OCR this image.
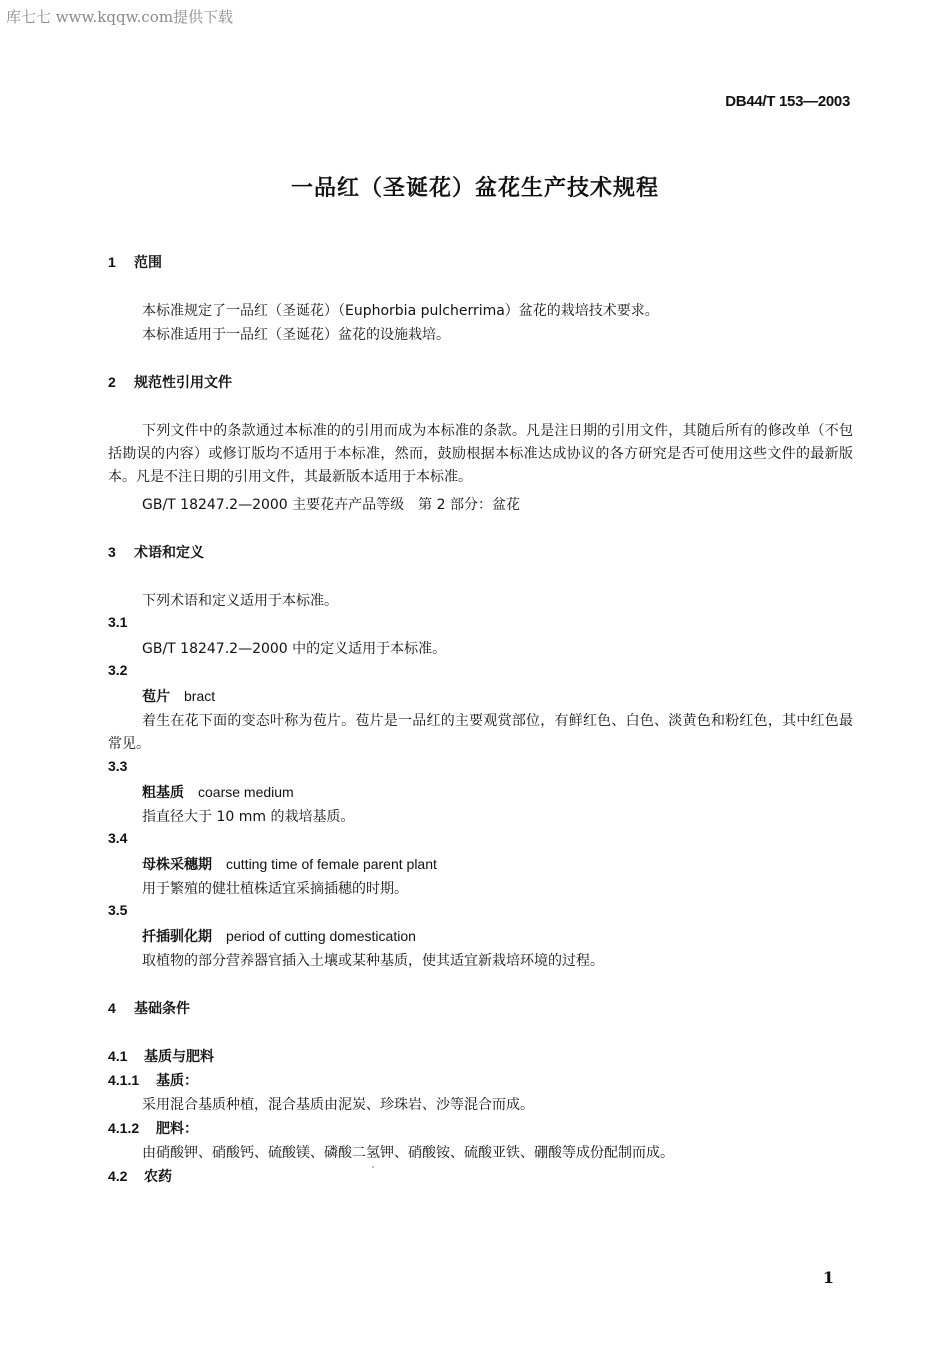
库七七 www.kqqw.com提供下载
DB44/T 153—2003
一品红（圣诞花）盆花生产技术规程
1 范围
本标准规定了一品红（圣诞花）（Euphorbia pulcherrima）盆花的栽培技术要求。
本标准适用于一品红（圣诞花）盆花的设施栽培。
2 规范性引用文件
下列文件中的条款通过本标准的的引用而成为本标准的条款。凡是注日期的引用文件，其随后所有的修改单（不包括勘误的内容）或修订版均不适用于本标准，然而，鼓励根据本标准达成协议的各方研究是否可使用这些文件的最新版本。凡是不注日期的引用文件，其最新版本适用于本标准。
GB/T 18247.2—2000 主要花卉产品等级　第 2 部分：盆花
3 术语和定义
下列术语和定义适用于本标准。
3.1
GB/T 18247.2—2000 中的定义适用于本标准。
3.2
苞片 bract
着生在花下面的变态叶称为苞片。苞片是一品红的主要观赏部位，有鲜红色、白色、淡黄色和粉红色，其中红色最常见。
3.3
粗基质 coarse medium
指直径大于 10 mm 的栽培基质。
3.4
母株采穗期 cutting time of female parent plant
用于繁殖的健壮植株适宜采摘插穗的时期。
3.5
扦插驯化期 period of cutting domestication
取植物的部分营养器官插入土壤或某种基质，使其适宜新栽培环境的过程。
4 基础条件
4.1 基质与肥料
4.1.1 基质：
采用混合基质种植，混合基质由泥炭、珍珠岩、沙等混合而成。
4.1.2 肥料：
由硝酸钾、硝酸钙、硫酸镁、磷酸二氢钾、硝酸铵、硫酸亚铁、硼酸等成份配制而成。
4.2 农药
1
